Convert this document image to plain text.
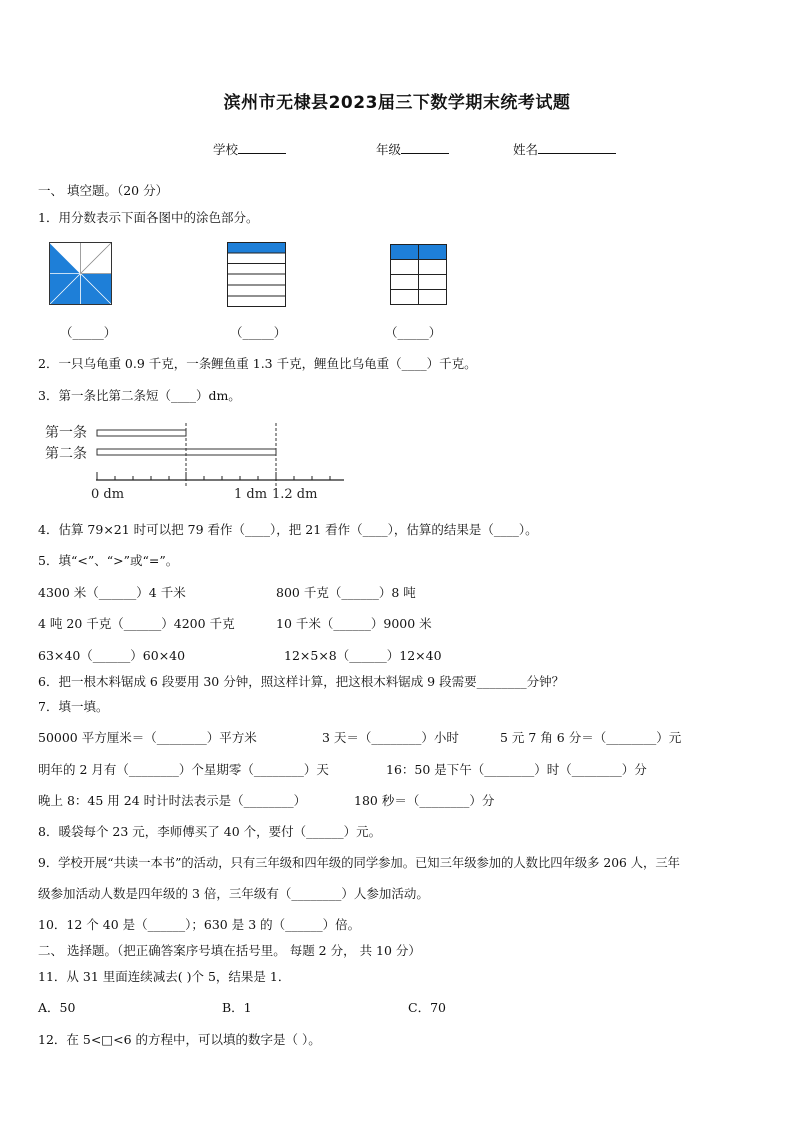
滨州市无棣县2023届三下数学期末统考试题
学校	年级	姓名
一、 填空题。（20 分）
1．用分数表示下面各图中的涂色部分。
（_____）	（_____）	（_____）
2．一只乌龟重 0.9 千克，一条鲤鱼重 1.3 千克，鲤鱼比乌龟重（____）千克。
3．第一条比第二条短（____）dm。
第一条
第二条
0 dm	1 dm 1.2 dm
4．估算 79×21 时可以把 79 看作（____），把 21 看作（____），估算的结果是（____）。
5．填“<”、“>”或“=”。
4300 米（______）4 千米	800 千克（______）8 吨
4 吨 20 千克（______）4200 千克	10 千米（______）9000 米
63×40（______）60×40	12×5×8（______）12×40
6．把一根木料锯成 6 段要用 30 分钟，照这样计算，把这根木料锯成 9 段需要________分钟？
7．填一填。
50000 平方厘米＝（________）平方米	3 天＝（________）小时	5 元 7 角 6 分＝（________）元
明年的 2 月有（________）个星期零（________）天	16：50 是下午（________）时（________）分
晚上 8：45 用 24 时计时法表示是（________）	180 秒＝（________）分
8．暖袋每个 23 元，李师傅买了 40 个，要付（______）元。
9．学校开展“共读一本书”的活动，只有三年级和四年级的同学参加。已知三年级参加的人数比四年级多 206 人，三年
级参加活动人数是四年级的 3 倍，三年级有（________）人参加活动。
10．12 个 40 是（______）；630 是 3 的（______）倍。
二、 选择题。（把正确答案序号填在括号里。 每题 2 分， 共 10 分）
11．从 31 里面连续减去( )个 5，结果是 1．
A．50	B．1	C．70
12．在 5<□<6 的方程中，可以填的数字是（ ）。
